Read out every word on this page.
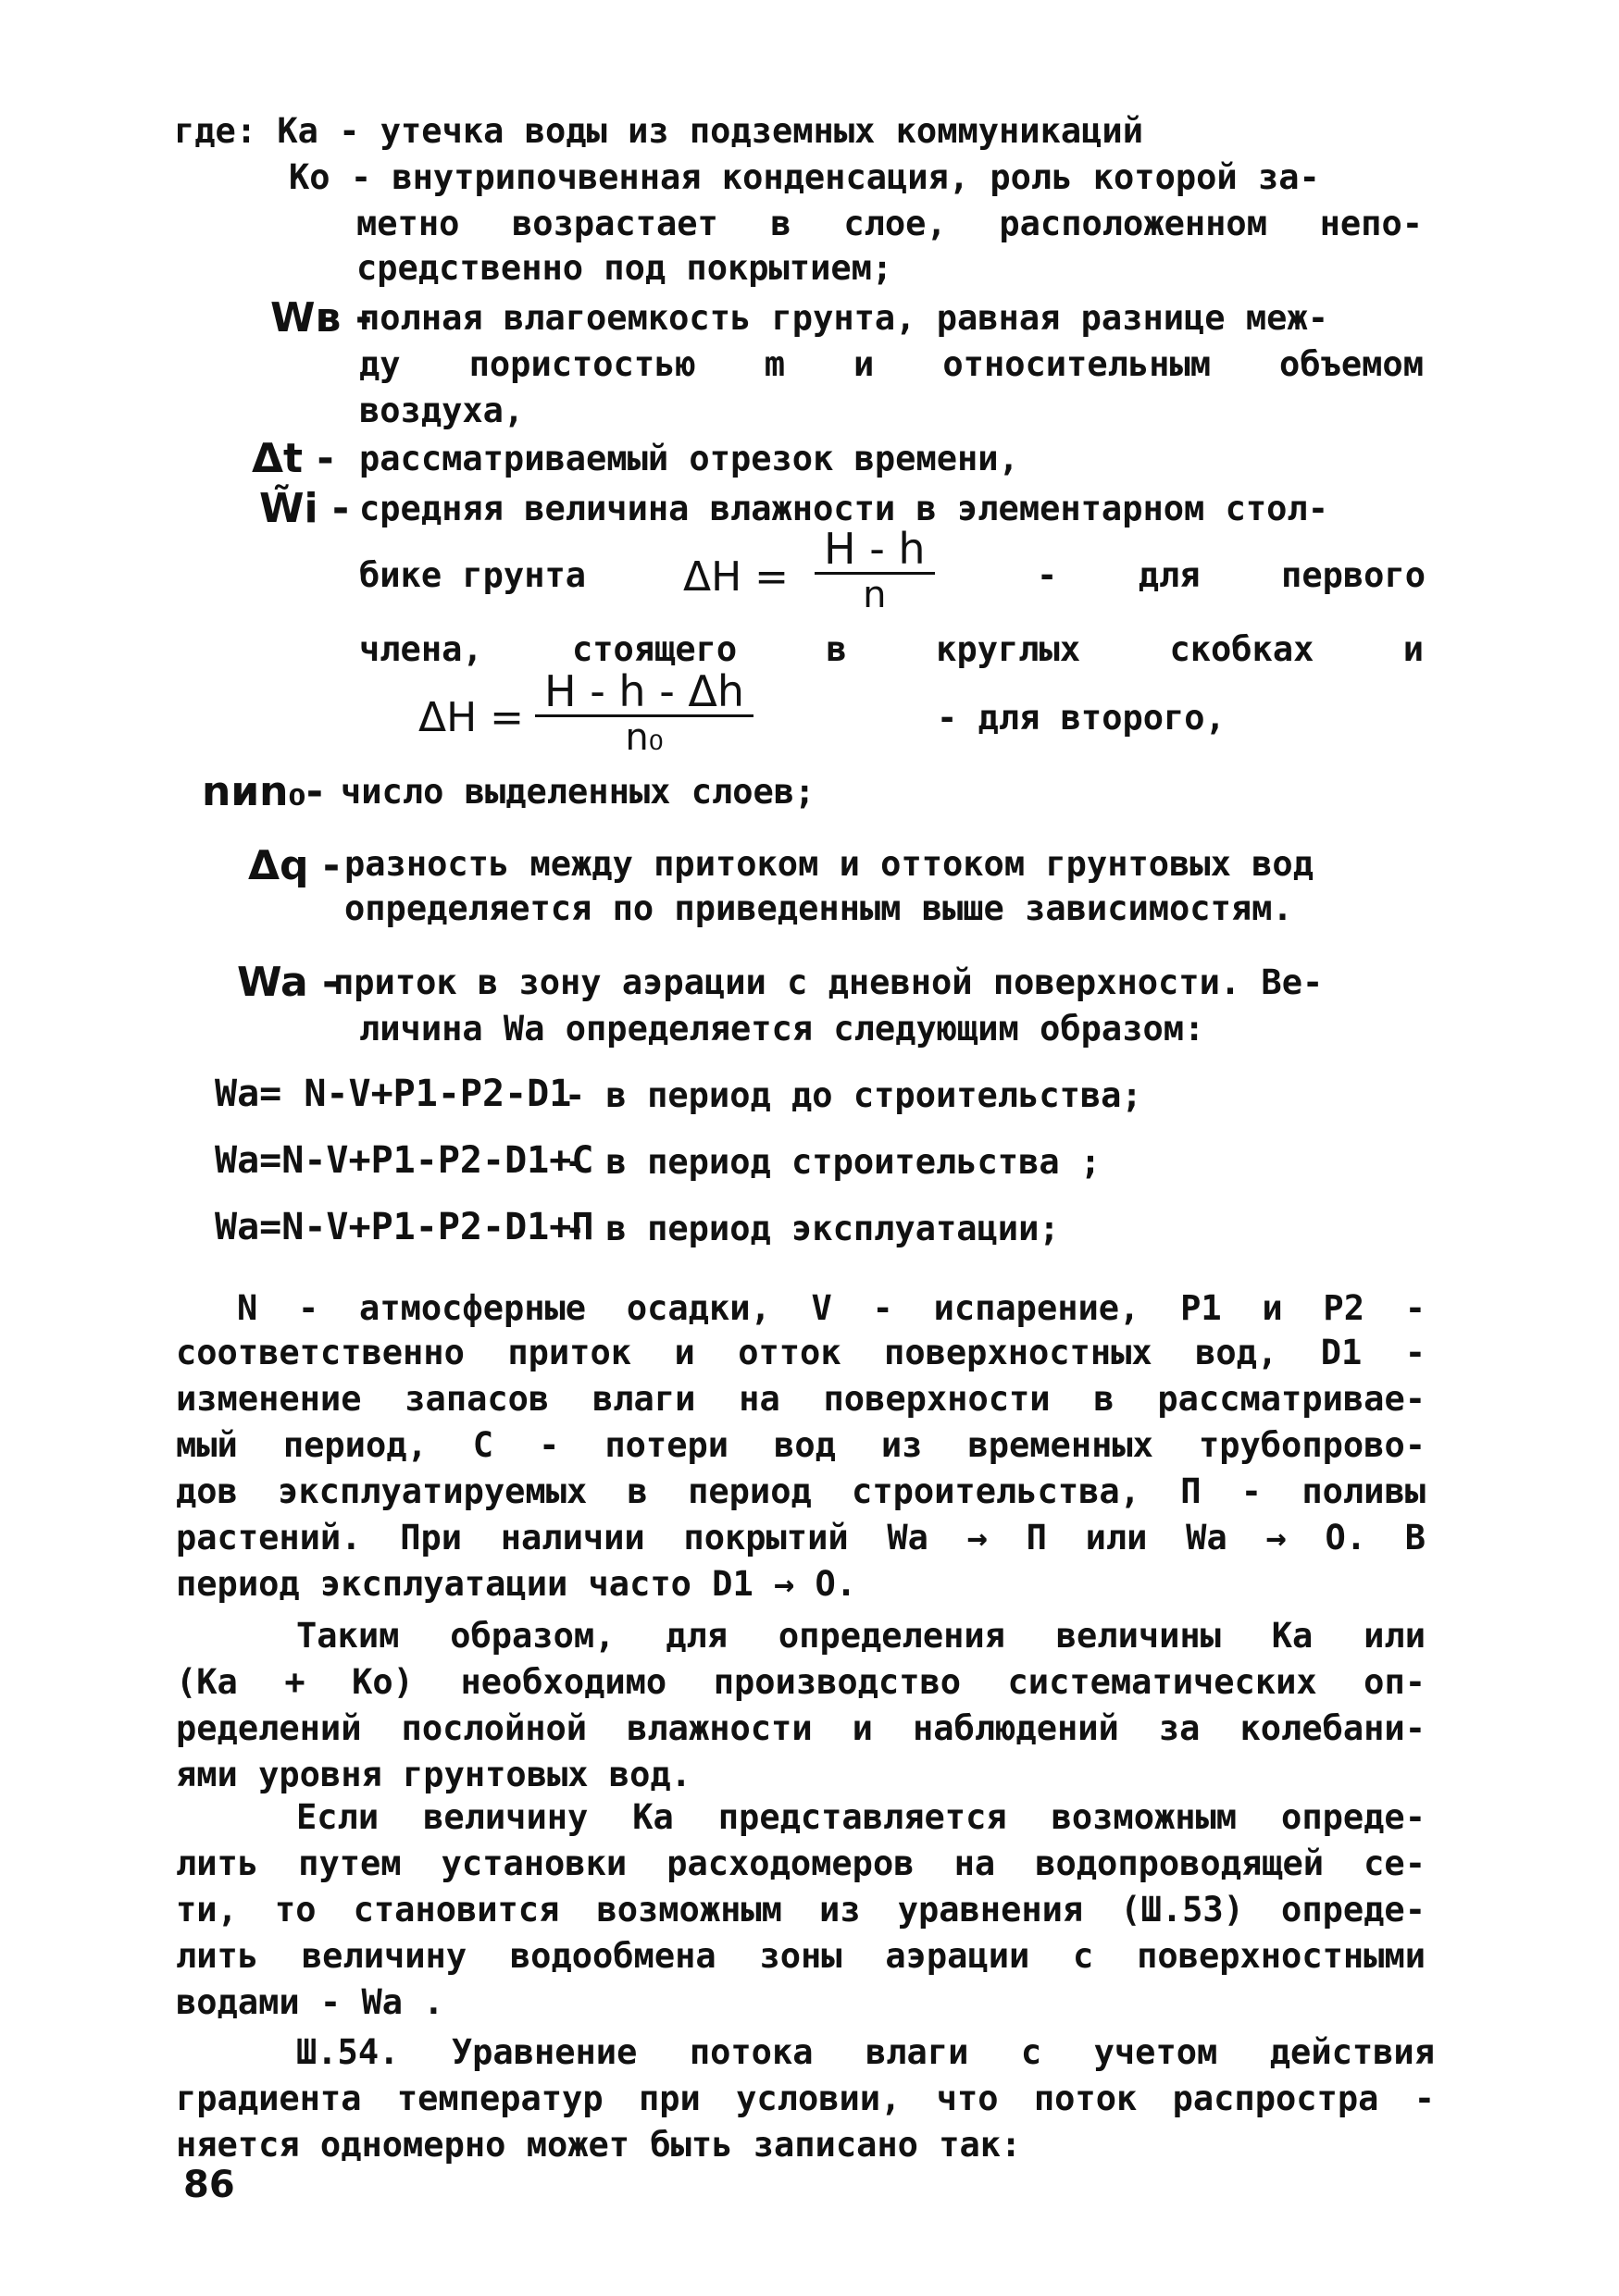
где: Ка - утечка воды из подземных коммуникаций
Ко - внутрипочвенная конденсация, роль которой за-
метно возрастает в слое, расположенном непо-
средственно под покрытием;
Wв -
полная влагоемкость грунта, равная разнице меж-
ду пористостью m и относительным объемом
воздуха,
Δt - рассматриваемый отрезок времени,
W̃i - средняя величина влажности в элементарном стол-
бике грунта $\Delta H = \frac{H - h}{n}$	- для первого
члена, стоящего в круглых скобках и
$\Delta H = \frac{H - h - \Delta h}{\text{n₀}}$	- для второго,
nиn₀- число выделенных слоев;
Δq - разность между притоком и оттоком грунтовых вод
определяется по приведенным выше зависимостям.
Wa -
приток в зону аэрации с дневной поверхности. Ве-
личина Wa определяется следующим образом:
Wa= N-V+P1-P2-D1
- в период до строительства;
Wa=N-V+P1-P2-D1+C
- в период строительства ;
Wa=N-V+P1-P2-D1+П
- в период эксплуатации;
N - атмосферные осадки, V - испарение, P1 и P2 -
соответственно приток и отток поверхностных вод, D1 -
изменение запасов влаги на поверхности в рассматривае-
мый период, С - потери вод из временных трубопрово-
дов эксплуатируемых в период строительства, П - поливы
растений. При наличии покрытий Wa → П или Wa → О. В
период эксплуатации часто D1 → О.
Таким образом, для определения величины Ка или
(Ка + Ко) необходимо производство систематических оп-
ределений послойной влажности и наблюдений за колебани-
ями уровня грунтовых вод.
Если величину Ка представляется возможным опреде-
лить путем установки расходомеров на водопроводящей се-
ти, то становится возможным из уравнения (Ш.53) опреде-
лить величину водообмена зоны аэрации с поверхностными
водами - Wa .
Ш.54. Уравнение потока влаги с учетом действия
градиента температур при условии, что поток распростра -
няется одномерно может быть записано так:
86
